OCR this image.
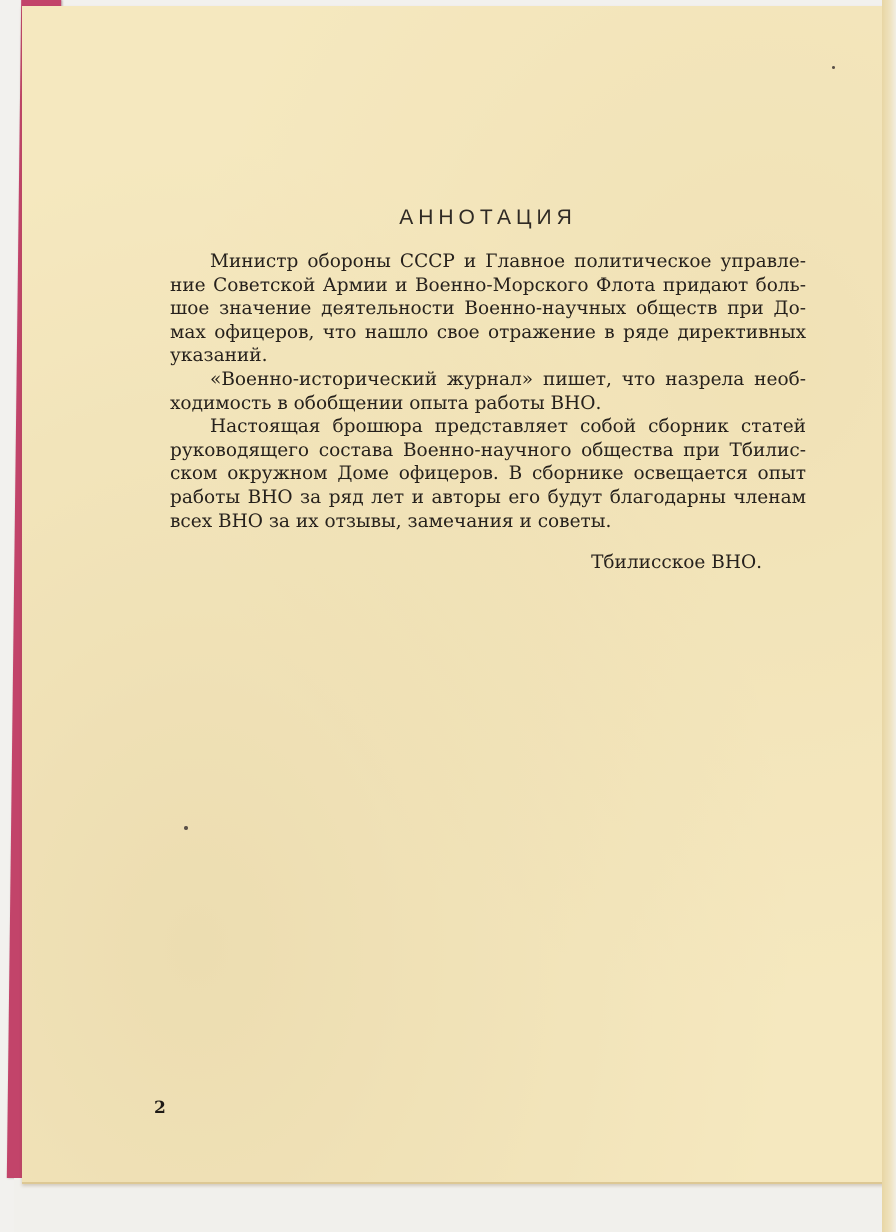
АННОТАЦИЯ

Министр обороны СССР и Главное политическое управление Советской Армии и Военно-Морского Флота придают большое значение деятельности Военно-научных обществ при Домах офицеров, что нашло свое отражение в ряде директивных указаний.

«Военно-исторический журнал» пишет, что назрела необходимость в обобщении опыта работы ВНО.

Настоящая брошюра представляет собой сборник статей руководящего состава Военно-научного общества при Тбилисском окружном Доме офицеров. В сборнике освещается опыт работы ВНО за ряд лет и авторы его будут благодарны членам всех ВНО за их отзывы, замечания и советы.

Тбилисское ВНО.
2
